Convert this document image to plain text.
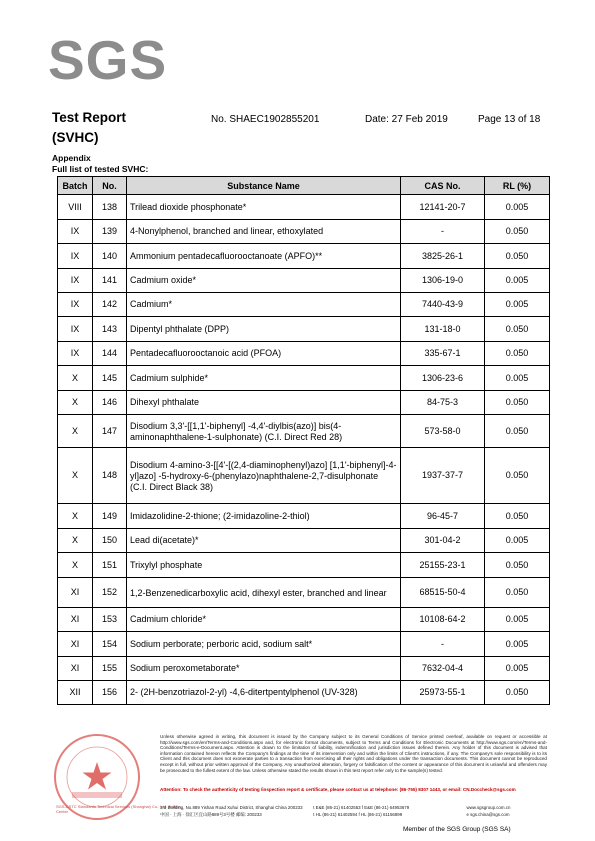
SGS
Test Report
(SVHC)
No. SHAEC1902855201	Date: 27 Feb 2019	Page 13 of 18
Appendix
Full list of tested SVHC:
Batch	No.	Substance Name	CAS No.	RL (%)
VIII	138	Trilead dioxide phosphonate*	12141-20-7	0.005
IX	139	4-Nonylphenol, branched and linear, ethoxylated	-	0.050
IX	140	Ammonium pentadecafluorooctanoate (APFO)**	3825-26-1	0.050
IX	141	Cadmium oxide*	1306-19-0	0.005
IX	142	Cadmium*	7440-43-9	0.005
IX	143	Dipentyl phthalate (DPP)	131-18-0	0.050
IX	144	Pentadecafluorooctanoic acid (PFOA)	335-67-1	0.050
X	145	Cadmium sulphide*	1306-23-6	0.005
X	146	Dihexyl phthalate	84-75-3	0.050
X	147	Disodium 3,3'-[[1,1'-biphenyl] -4,4'-diylbis(azo)] bis(4-aminonaphthalene-1-sulphonate) (C.I. Direct Red 28)	573-58-0	0.050
X	148	Disodium 4-amino-3-[[4'-[(2,4-diaminophenyl)azo] [1,1'-biphenyl]-4-yl]azo] -5-hydroxy-6-(phenylazo)naphthalene-2,7-disulphonate (C.I. Direct Black 38)	1937-37-7	0.050
X	149	Imidazolidine-2-thione; (2-imidazoline-2-thiol)	96-45-7	0.050
X	150	Lead di(acetate)*	301-04-2	0.005
X	151	Trixylyl phosphate	25155-23-1	0.050
XI	152	1,2-Benzenedicarboxylic acid, dihexyl ester, branched and linear	68515-50-4	0.050
XI	153	Cadmium chloride*	10108-64-2	0.005
XI	154	Sodium perborate; perboric acid, sodium salt*	-	0.005
XI	155	Sodium peroxometaborate*	7632-04-4	0.005
XII	156	2- (2H-benzotriazol-2-yl) -4,6-ditertpentylphenol (UV-328)	25973-55-1	0.050
SGS-CSTC Standards Technical Services (Shanghai) Co., Ltd. Testing Center
Unless otherwise agreed in writing, this document is issued by the Company subject to its General Conditions of Service printed overleaf, available on request or accessible at http://www.sgs.com/en/Terms-and-Conditions.aspx and, for electronic format documents, subject to Terms and Conditions for Electronic Documents at http://www.sgs.com/en/Terms-and-Conditions/Terms-e-Document.aspx. Attention is drawn to the limitation of liability, indemnification and jurisdiction issues defined therein. Any holder of this document is advised that information contained hereon reflects the Company's findings at the time of its intervention only and within the limits of Client's instructions, if any. The Company's sole responsibility is to its Client and this document does not exonerate parties to a transaction from exercising all their rights and obligations under the transaction documents. This document cannot be reproduced except in full, without prior written approval of the Company. Any unauthorized alteration, forgery or falsification of the content or appearance of this document is unlawful and offenders may be prosecuted to the fullest extent of the law. Unless otherwise stated the results shown in this test report refer only to the sample(s) tested.
Attention: To check the authenticity of testing /inspection report & certificate, please contact us at telephone: (86-755) 8307 1443, or email: CN.Doccheck@sgs.com
3rd Building, No.889 Yishan Road Xuhui District, Shanghai China 200233 t E&E (86-21) 61402553 f E&E (86-21) 64953679	www.sgsgroup.com.cn
中国 · 上海 · 徐汇区宜山路889号3号楼 邮编: 200233	t HL (86-21) 61402594 f HL (86-21) 61156899	e sgs.china@sgs.com
Member of the SGS Group (SGS SA)
